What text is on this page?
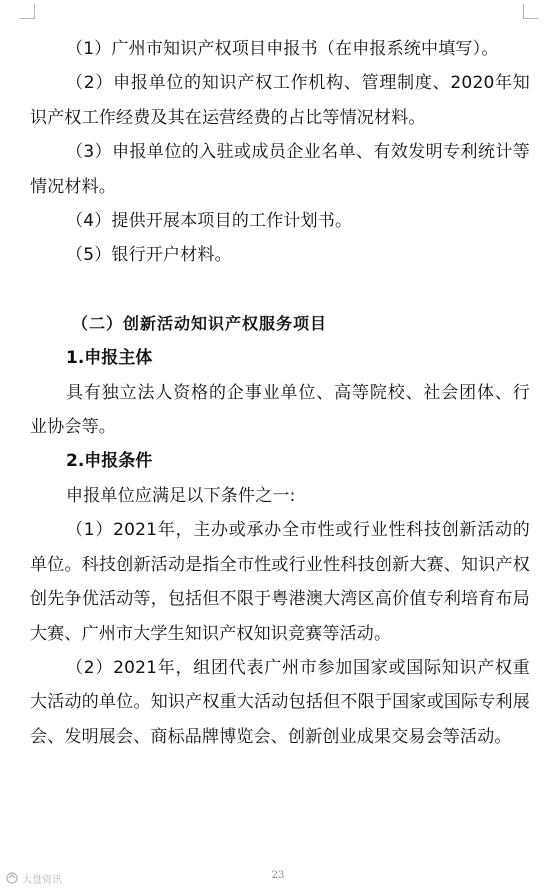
（1）广州市知识产权项目申报书（在申报系统中填写）。

（2）申报单位的知识产权工作机构、管理制度、2020年知识产权工作经费及其在运营经费的占比等情况材料。

（3）申报单位的入驻或成员企业名单、有效发明专利统计等情况材料。

（4）提供开展本项目的工作计划书。

（5）银行开户材料。

（二）创新活动知识产权服务项目

1.申报主体

具有独立法人资格的企事业单位、高等院校、社会团体、行业协会等。

2.申报条件

申报单位应满足以下条件之一:

（1）2021年，主办或承办全市性或行业性科技创新活动的单位。科技创新活动是指全市性或行业性科技创新大赛、知识产权创先争优活动等，包括但不限于粤港澳大湾区高价值专利培育布局大赛、广州市大学生知识产权知识竞赛等活动。

（2）2021年，组团代表广州市参加国家或国际知识产权重大活动的单位。知识产权重大活动包括但不限于国家或国际专利展会、发明展会、商标品牌博览会、创新创业成果交易会等活动。

大盘资讯	23
